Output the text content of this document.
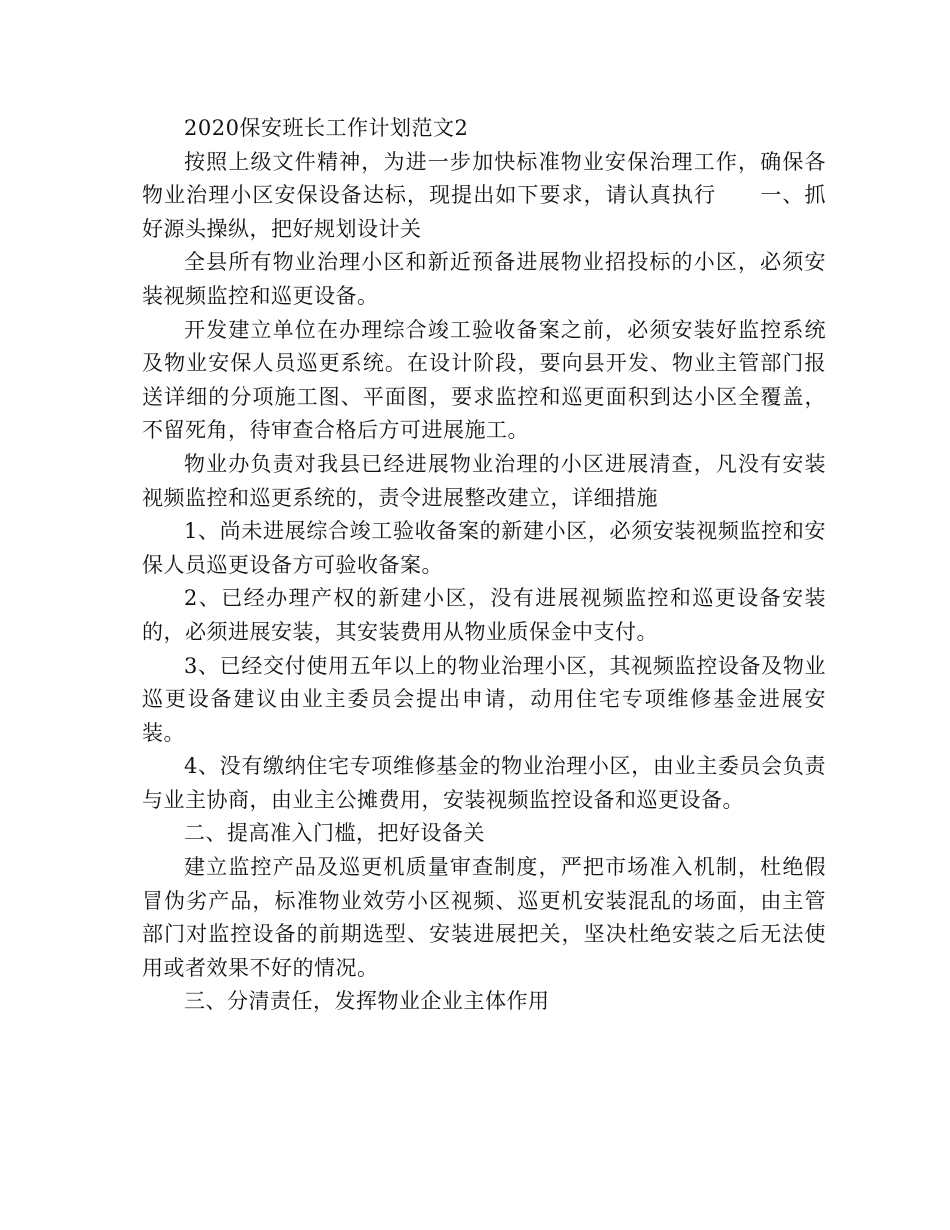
2020保安班长工作计划范文2

按照上级文件精神，为进一步加快标准物业安保治理工作，确保各物业治理小区安保设备达标，现提出如下要求，请认真执行　　一、抓好源头操纵，把好规划设计关

全县所有物业治理小区和新近预备进展物业招投标的小区，必须安装视频监控和巡更设备。

开发建立单位在办理综合竣工验收备案之前，必须安装好监控系统及物业安保人员巡更系统。在设计阶段，要向县开发、物业主管部门报送详细的分项施工图、平面图，要求监控和巡更面积到达小区全覆盖，不留死角，待审查合格后方可进展施工。

物业办负责对我县已经进展物业治理的小区进展清查，凡没有安装视频监控和巡更系统的，责令进展整改建立，详细措施

1、尚未进展综合竣工验收备案的新建小区，必须安装视频监控和安保人员巡更设备方可验收备案。

2、已经办理产权的新建小区，没有进展视频监控和巡更设备安装的，必须进展安装，其安装费用从物业质保金中支付。

3、已经交付使用五年以上的物业治理小区，其视频监控设备及物业巡更设备建议由业主委员会提出申请，动用住宅专项维修基金进展安装。

4、没有缴纳住宅专项维修基金的物业治理小区，由业主委员会负责与业主协商，由业主公摊费用，安装视频监控设备和巡更设备。

二、提高准入门槛，把好设备关

建立监控产品及巡更机质量审查制度，严把市场准入机制，杜绝假冒伪劣产品，标准物业效劳小区视频、巡更机安装混乱的场面，由主管部门对监控设备的前期选型、安装进展把关，坚决杜绝安装之后无法使用或者效果不好的情况。

三、分清责任，发挥物业企业主体作用
